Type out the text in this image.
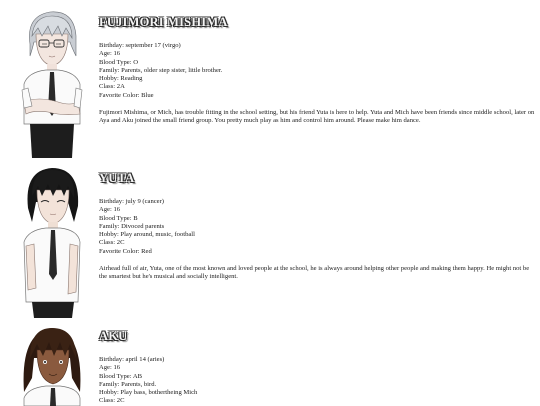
FUJIMORI MISHIMA
Birthday: september 17 (virgo)
Age: 16
Blood Type: O
Family: Parents, older step sister, little brother.
Hobby: Reading
Class: 2A
Favorite Color: Blue
Fujimori Mishima, or Mich, has trouble fitting in the school setting, but his friend Yuta is here to help. Yuta and Mich have been friends since middle school, later on Aya and Aku joined the small friend group. You pretty much play as him and control him around. Please make him dance.
YUTA
Birthday: july 9 (cancer)
Age: 16
Blood Type: B
Family: Divoced parents
Hobby: Play around, music, football
Class: 2C
Favorite Color: Red
Airhead full of air, Yuta, one of the most known and loved people at the school, he is always around helping other people and making them happy. He might not be the smartest but he's musical and socially intelligent.
AKU
Birthday: april 14 (aries)
Age: 16
Blood Type: AB
Family: Parents, bird.
Hobby: Play bass, bothertheing Mich
Class: 2C
